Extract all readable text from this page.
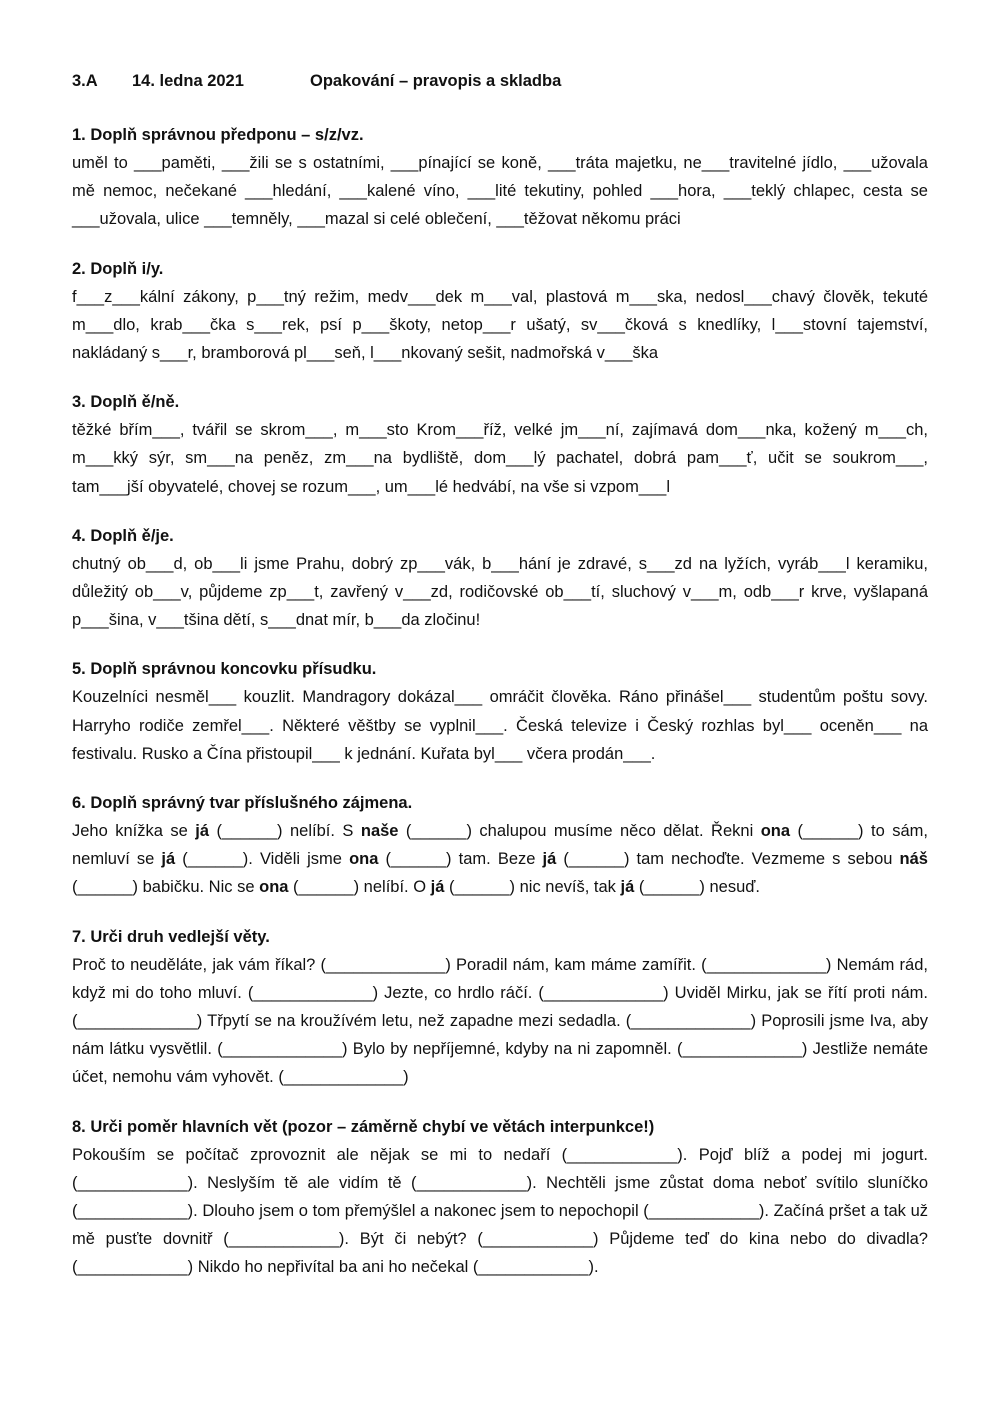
3.A	14. ledna 2021	Opakování – pravopis a skladba
1. Doplň správnou předponu – s/z/vz.
uměl to ___paměti, ___žili se s ostatními, ___pínající se koně, ___tráta majetku, ne___travitelné jídlo, ___užovala mě nemoc, nečekané ___hledání, ___kalené víno, ___lité tekutiny, pohled ___hora, ___teklý chlapec, cesta se ___užovala, ulice ___temněly, ___mazal si celé oblečení, ___těžovat někomu práci
2. Doplň i/y.
f___z___kální zákony, p___tný režim, medv___dek m___val, plastová m___ska, nedosl___chavý člověk, tekuté m___dlo, krab___čka s___rek, psí p___škoty, netop___r ušatý, sv___čková s knedlíky, l___stovní tajemství, nakládaný s___r, bramborová pl___seň, l___nkovaný sešit, nadmořská v___ška
3. Doplň ě/ně.
těžké břím___, tvářil se skrom___, m___sto Krom___říž, velké jm___ní, zajímavá dom___nka, kožený m___ch, m___kký sýr, sm___na peněz, zm___na bydliště, dom___lý pachatel, dobrá pam___ť, učit se soukrom___, tam___jší obyvatelé, chovej se rozum___, um___lé hedvábí, na vše si vzpom___l
4. Doplň ě/je.
chutný ob___d, ob___li jsme Prahu, dobrý zp___vák, b___hání je zdravé, s___zd na lyžích, vyráb___l keramiku, důležitý ob___v, půjdeme zp___t, zavřený v___zd, rodičovské ob___tí, sluchový v___m, odb___r krve, vyšlapaná p___šina, v___tšina dětí, s___dnat mír, b___da zločinu!
5. Doplň správnou koncovku přísudku.
Kouzelníci nesměl___ kouzlit. Mandragory dokázal___ omráčit člověka. Ráno přinášel___ studentům poštu sovy. Harryho rodiče zemřel___. Některé věštby se vyplnil___. Česká televize i Český rozhlas byl___ oceněn___ na festivalu. Rusko a Čína přistoupil___ k jednání. Kuřata byl___ včera prodán___.
6. Doplň správný tvar příslušného zájmena.
Jeho knížka se já (______) nelíbí. S naše (______) chalupou musíme něco dělat. Řekni ona (______) to sám, nemluví se já (______). Viděli jsme ona (______) tam. Beze já (______) tam nechoďte. Vezmeme s sebou náš (______) babičku. Nic se ona (______) nelíbí. O já (______) nic nevíš, tak já (______) nesuď.
7. Urči druh vedlejší věty.
Proč to neuděláte, jak vám říkal? (_____________) Poradil nám, kam máme zamířit. (_____________) Nemám rád, když mi do toho mluví. (_____________) Jezte, co hrdlo ráčí. (_____________) Uviděl Mirku, jak se řítí proti nám. (_____________) Třpytí se na kroužívém letu, než zapadne mezi sedadla. (_____________) Poprosili jsme Iva, aby nám látku vysvětlil. (_____________) Bylo by nepříjemné, kdyby na ni zapomněl. (_____________) Jestliže nemáte účet, nemohu vám vyhovět. (_____________)
8. Urči poměr hlavních vět (pozor – záměrně chybí ve větách interpunkce!)
Pokouším se počítač zprovoznit ale nějak se mi to nedaří (____________). Pojď blíž a podej mi jogurt. (____________). Neslyším tě ale vidím tě (____________). Nechtěli jsme zůstat doma neboť svítilo sluníčko (____________). Dlouho jsem o tom přemýšlel a nakonec jsem to nepochopil (____________). Začíná pršet a tak už mě pusťte dovnitř (____________). Být či nebýt? (____________) Půjdeme teď do kina nebo do divadla? (____________) Nikdo ho nepřivítal ba ani ho nečekal (____________).
